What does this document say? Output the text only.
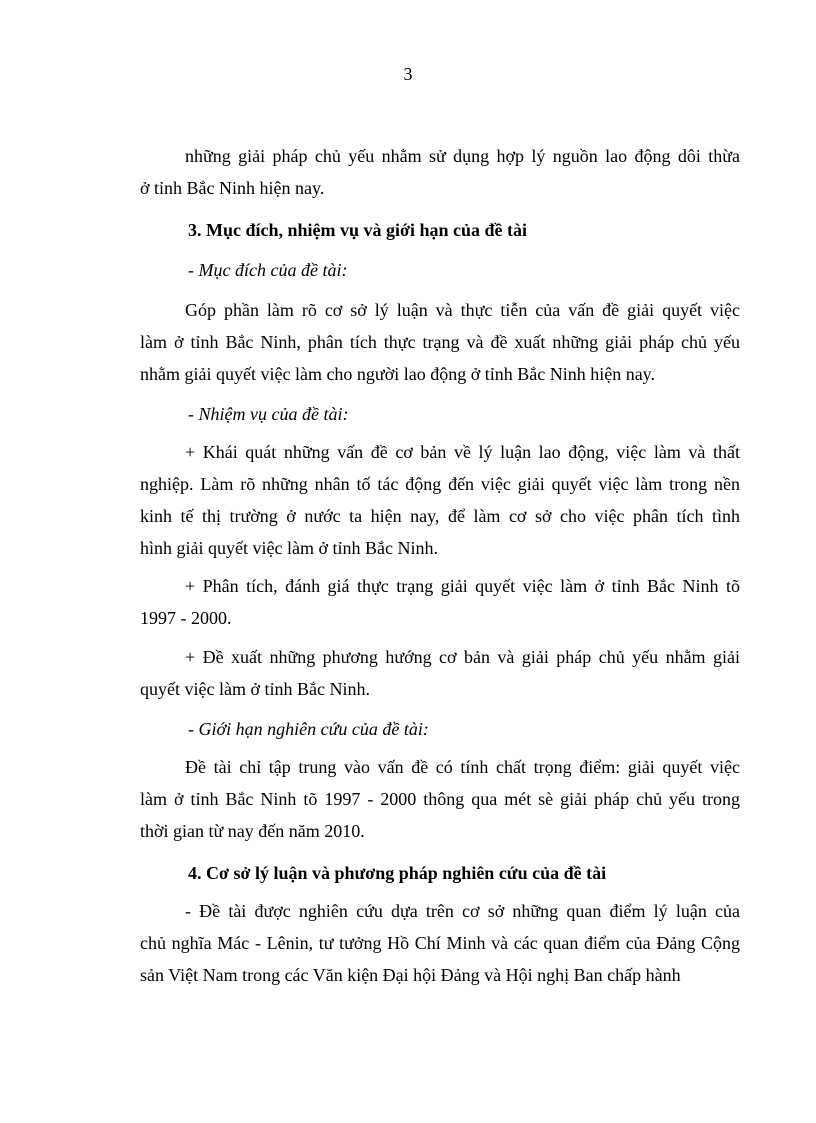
3
những giải pháp chủ yếu nhằm sử dụng hợp lý nguồn lao động dôi thừa
ở tỉnh Bắc Ninh hiện nay.
3. Mục đích, nhiệm vụ và giới hạn của đề tài
- Mục đích của đề tài:
Góp phần làm rõ cơ sở lý luận và thực tiễn của vấn đề giải quyết việc
làm ở tỉnh Bắc Ninh, phân tích thực trạng và đề xuất những giải pháp chủ yếu
nhằm giải quyết việc làm cho người lao động ở tỉnh Bắc Ninh hiện nay.
- Nhiệm vụ của đề tài:
+ Khái quát những vấn đề cơ bản về lý luận lao động, việc làm và thất
nghiệp. Làm rõ những nhân tố tác động đến việc giải quyết việc làm trong nền
kinh tế thị trường ở nước ta hiện nay, để làm cơ sở cho việc phân tích tình
hình giải quyết việc làm ở tỉnh Bắc Ninh.
+ Phân tích, đánh giá thực trạng giải quyết việc làm ở tỉnh Bắc Ninh tõ
1997 - 2000.
+ Đề xuất những phương hướng cơ bản và giải pháp chủ yếu nhằm giải
quyết việc làm ở tỉnh Bắc Ninh.
- Giới hạn nghiên cứu của đề tài:
Đề tài chỉ tập trung vào vấn đề có tính chất trọng điểm: giải quyết việc
làm ở tỉnh Bắc Ninh tõ 1997 - 2000 thông qua mét sè giải pháp chủ yếu trong
thời gian từ nay đến năm 2010.
4. Cơ sở lý luận và phương pháp nghiên cứu của đề tài
- Đề tài được nghiên cứu dựa trên cơ sở những quan điểm lý luận của
chủ nghĩa Mác - Lênin, tư tưởng Hồ Chí Minh và các quan điểm của Đảng Cộng
sản Việt Nam trong các Văn kiện Đại hội Đảng và Hội nghị Ban chấp hành
